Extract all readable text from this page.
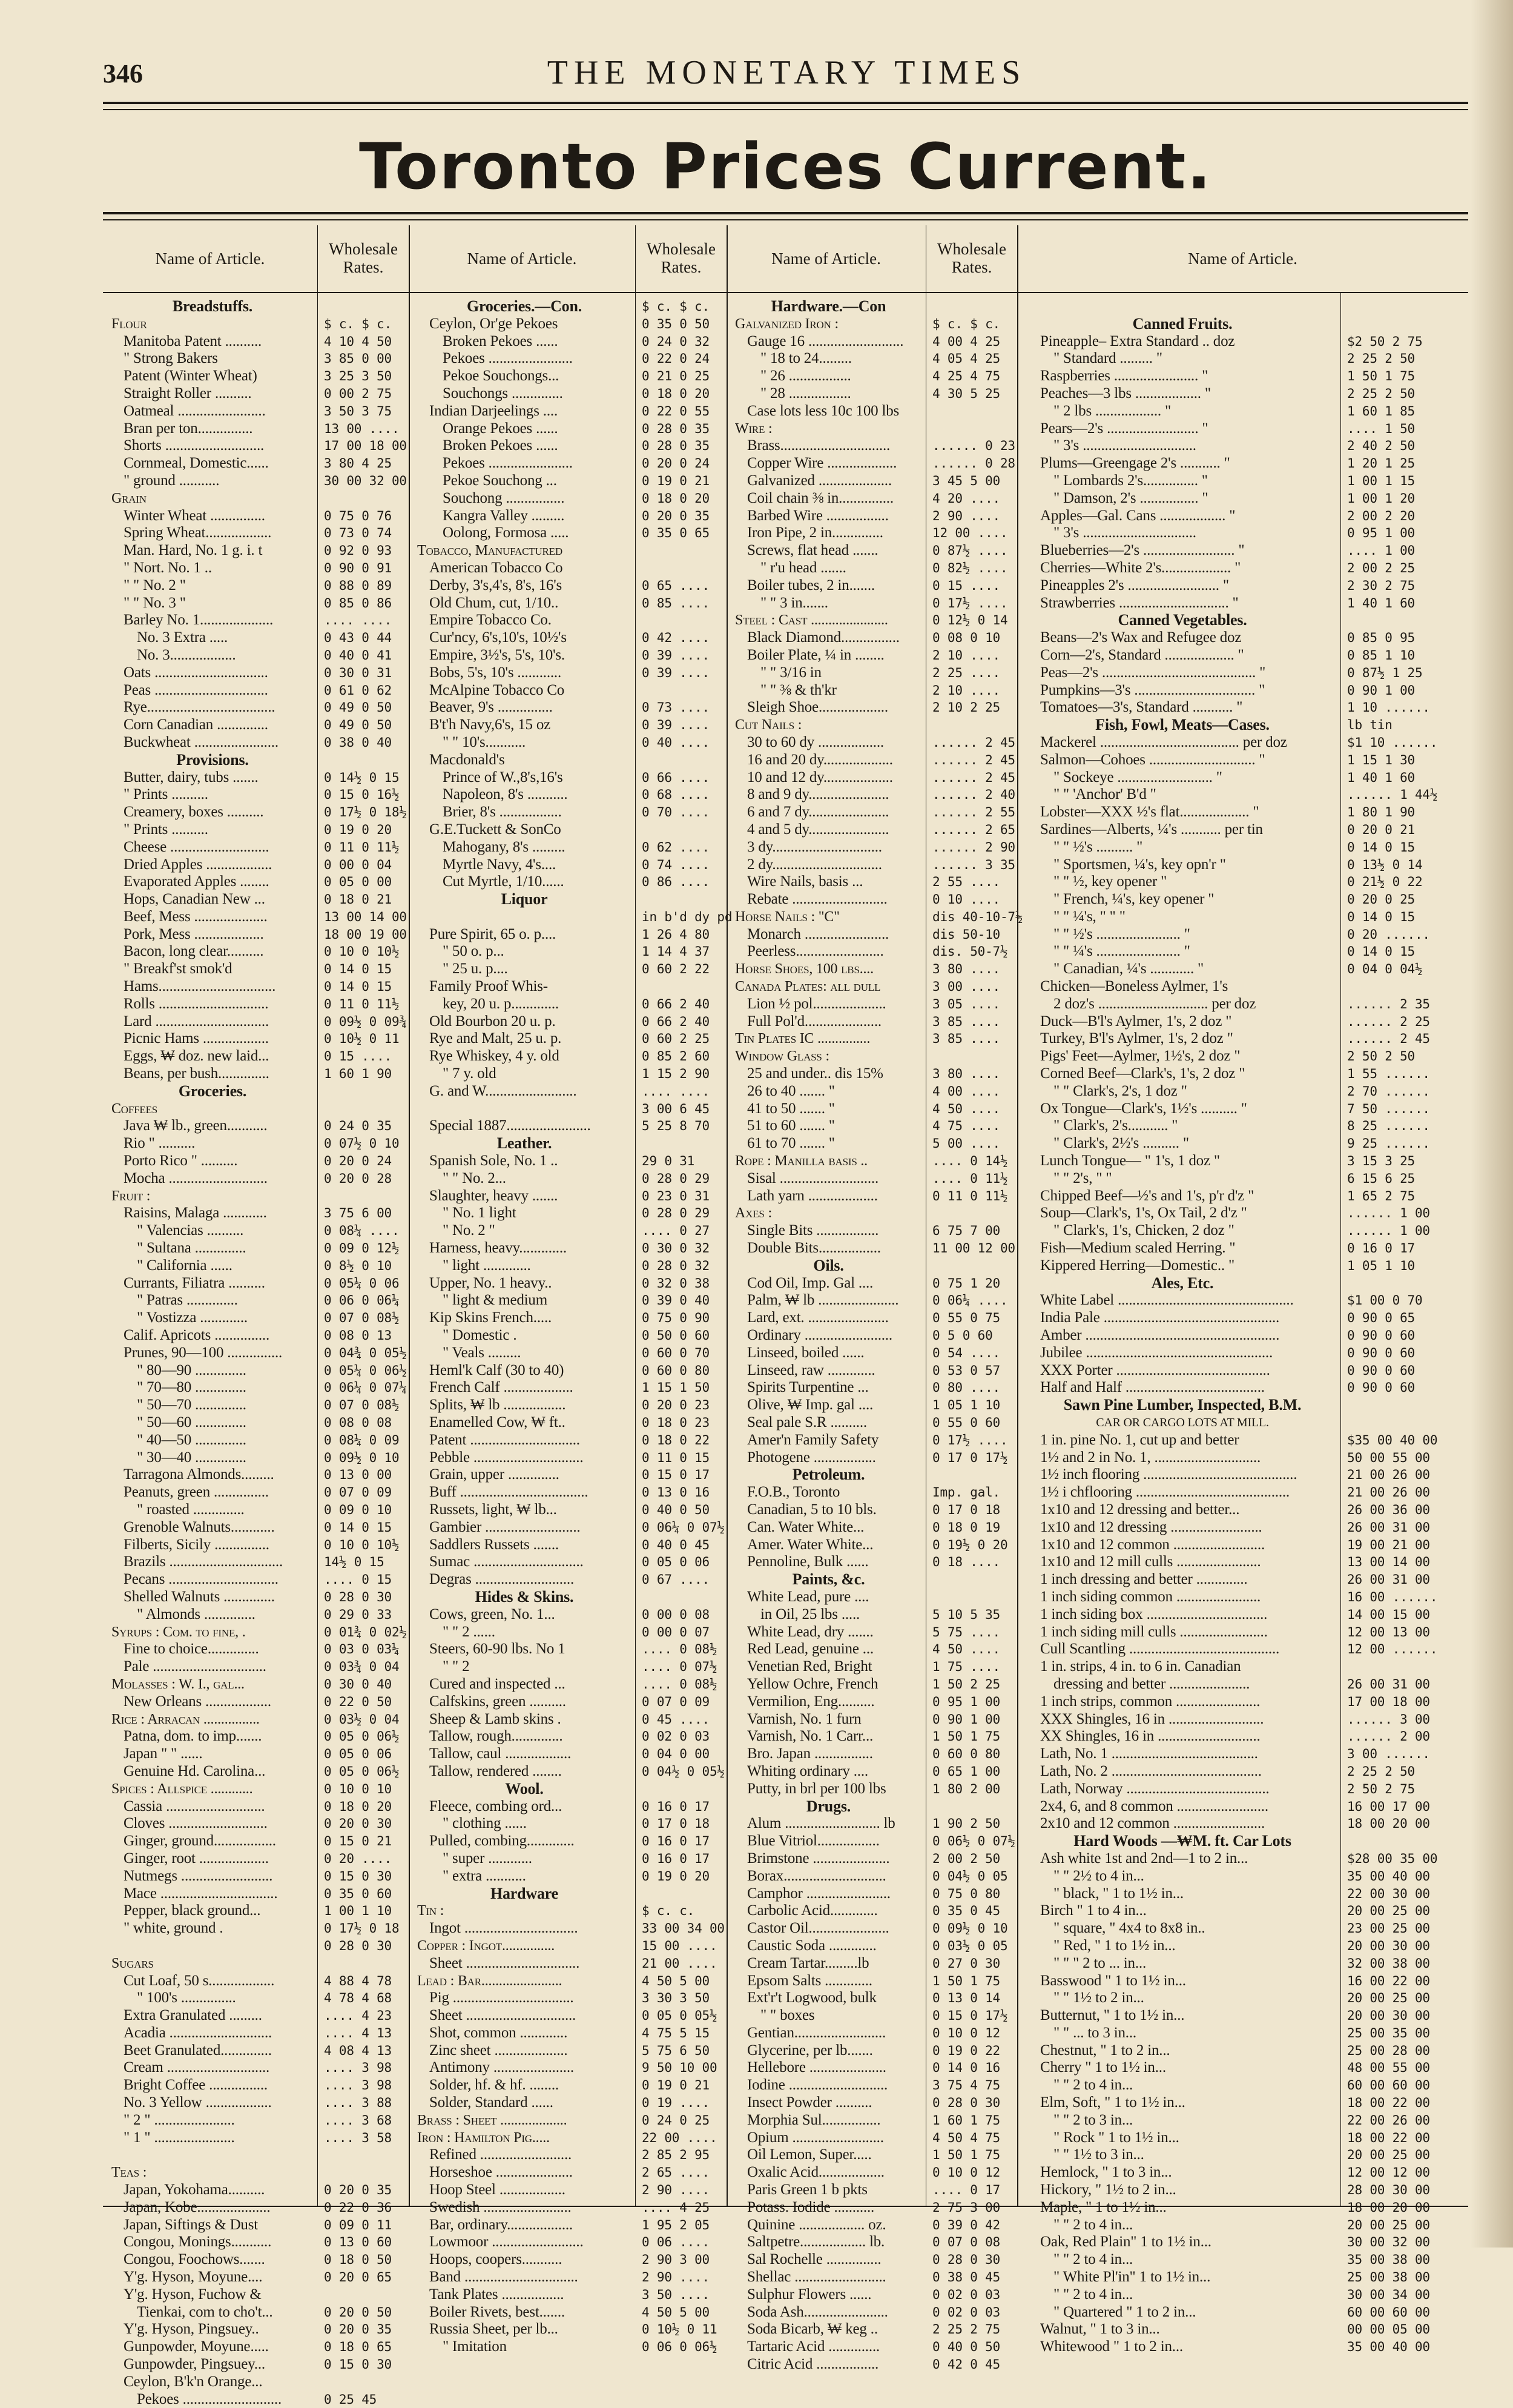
346	THE MONETARY TIMES
Toronto Prices Current.
Name of Article.
Wholesale Rates.
Breadstuffs.
Flour
Manitoba Patent ..........
" Strong Bakers
Patent (Winter Wheat)
Straight Roller ..........
Oatmeal ........................
Bran per ton...............
Shorts ...........................
Cornmeal, Domestic......
" ground ...........
Grain
Winter Wheat ...............
Spring Wheat..................
Man. Hard, No. 1 g. i. t
" Nort. No. 1 ..
" " No. 2 "
" " No. 3 "
Barley No. 1....................
No. 3 Extra .....
No. 3..................
Oats ...............................
Peas ...............................
Rye...................................
Corn Canadian ..............
Buckwheat .......................
Provisions.
Butter, dairy, tubs .......
" Prints ..........
Creamery, boxes ..........
" Prints ..........
Cheese ...........................
Dried Apples ..................
Evaporated Apples ........
Hops, Canadian New ...
Beef, Mess ....................
Pork, Mess ...................
Bacon, long clear..........
" Breakf'st smok'd
Hams................................
Rolls ..............................
Lard ...............................
Picnic Hams ..................
Eggs, ₩ doz. new laid...
Beans, per bush..............
Groceries.
Coffees
Java ₩ lb., green...........
Rio " ..........
Porto Rico " ..........
Mocha ...........................
Fruit :
Raisins, Malaga ............
" Valencias ..........
" Sultana ..............
" California ......
Currants, Filiatra ..........
" Patras ..............
" Vostizza .............
Calif. Apricots ...............
Prunes, 90—100 ...............
" 80—90 ..............
" 70—80 ..............
" 50—70 ..............
" 50—60 ..............
" 40—50 ..............
" 30—40 ..............
Tarragona Almonds.........
Peanuts, green ...............
" roasted ..............
Grenoble Walnuts............
Filberts, Sicily ...............
Brazils ...............................
Pecans ..............................
Shelled Walnuts ..............
" Almonds ..............
Syrups : Com. to fine, .
Fine to choice..............
Pale ...............................
Molasses : W. I., gal...
New Orleans ..................
Rice : Arracan ................
Patna, dom. to imp.......
Japan " " ......
Genuine Hd. Carolina...
Spices : Allspice ............
Cassia ...........................
Cloves ...........................
Ginger, ground.................
Ginger, root ...................
Nutmegs .........................
Mace ................................
Pepper, black ground...
" white, ground .
Sugars
Cut Loaf, 50 s..................
" 100's ...............
Extra Granulated .........
Acadia ............................
Beet Granulated..............
Cream ............................
Bright Coffee ................
No. 3 Yellow ..................
" 2 " ......................
" 1 " ......................
Teas :
Japan, Yokohama..........
Japan, Kobe....................
Japan, Siftings & Dust
Congou, Monings...........
Congou, Foochows.......
Y'g. Hyson, Moyune....
Y'g. Hyson, Fuchow &
Tienkai, com to cho't...
Y'g. Hyson, Pingsuey..
Gunpowder, Moyune.....
Gunpowder, Pingsuey...
Ceylon, B'k'n Orange...
Pekoes ...........................
$ c. $ c.
4 10 4 50
3 85 0 00
3 25 3 50
0 00 2 75
3 50 3 75
13 00 ....
17 00 18 00
3 80 4 25
30 00 32 00
0 75 0 76
0 73 0 74
0 92 0 93
0 90 0 91
0 88 0 89
0 85 0 86
.... ....
0 43 0 44
0 40 0 41
0 30 0 31
0 61 0 62
0 49 0 50
0 49 0 50
0 38 0 40
0 14½ 0 15
0 15 0 16½
0 17½ 0 18½
0 19 0 20
0 11 0 11½
0 00 0 04
0 05 0 00
0 18 0 21
13 00 14 00
18 00 19 00
0 10 0 10½
0 14 0 15
0 14 0 15
0 11 0 11½
0 09½ 0 09¾
0 10½ 0 11
0 15 ....
1 60 1 90
0 24 0 35
0 07½ 0 10
0 20 0 24
0 20 0 28
3 75 6 00
0 08¼ ....
0 09 0 12½
0 8½ 0 10
0 05¼ 0 06
0 06 0 06¼
0 07 0 08½
0 08 0 13
0 04¾ 0 05½
0 05¼ 0 06½
0 06¼ 0 07¼
0 07 0 08½
0 08 0 08
0 08¼ 0 09
0 09½ 0 10
0 13 0 00
0 07 0 09
0 09 0 10
0 14 0 15
0 10 0 10½
14½ 0 15
.... 0 15
0 28 0 30
0 29 0 33
0 01¾ 0 02½
0 03 0 03¼
0 03¾ 0 04
0 30 0 40
0 22 0 50
0 03½ 0 04
0 05 0 06½
0 05 0 06
0 05 0 06½
0 10 0 10
0 18 0 20
0 20 0 30
0 15 0 21
0 20 ....
0 15 0 30
0 35 0 60
1 00 1 10
0 17½ 0 18
0 28 0 30
4 88 4 78
4 78 4 68
.... 4 23
.... 4 13
4 08 4 13
.... 3 98
.... 3 98
.... 3 88
.... 3 68
.... 3 58
0 20 0 35
0 22 0 36
0 09 0 11
0 13 0 60
0 18 0 50
0 20 0 65
0 20 0 50
0 20 0 35
0 18 0 65
0 15 0 30
0 25 45
Name of Article.
Wholesale Rates.
Groceries.—Con.
Ceylon, Or'ge Pekoes
Broken Pekoes ......
Pekoes .......................
Pekoe Souchongs...
Souchongs ..............
Indian Darjeelings ....
Orange Pekoes ......
Broken Pekoes ......
Pekoes .......................
Pekoe Souchong ...
Souchong ................
Kangra Valley .........
Oolong, Formosa .....
Tobacco, Manufactured
American Tobacco Co
Derby, 3's,4's, 8's, 16's
Old Chum, cut, 1/10..
Empire Tobacco Co.
Cur'ncy, 6's,10's, 10½'s
Empire, 3½'s, 5's, 10's.
Bobs, 5's, 10's ............
McAlpine Tobacco Co
Beaver, 9's ...............
B't'h Navy,6's, 15 oz
" " 10's...........
Macdonald's
Prince of W.,8's,16's
Napoleon, 8's ...........
Brier, 8's .................
G.E.Tuckett & SonCo
Mahogany, 8's .........
Myrtle Navy, 4's....
Cut Myrtle, 1/10......
Liquor
Pure Spirit, 65 o. p....
" 50 o. p...
" 25 u. p....
Family Proof Whis-
key, 20 u. p.............
Old Bourbon 20 u. p.
Rye and Malt, 25 u. p.
Rye Whiskey, 4 y. old
" 7 y. old
G. and W.........................
Special 1887.......................
Leather.
Spanish Sole, No. 1 ..
" " No. 2...
Slaughter, heavy .......
" No. 1 light
" No. 2 "
Harness, heavy.............
" light .............
Upper, No. 1 heavy..
" light & medium
Kip Skins French.....
" Domestic .
" Veals .........
Heml'k Calf (30 to 40)
French Calf ...................
Splits, ₩ lb .................
Enamelled Cow, ₩ ft..
Patent ..............................
Pebble ..............................
Grain, upper ..............
Buff ...................................
Russets, light, ₩ lb...
Gambier ..........................
Saddlers Russets .......
Sumac ..............................
Degras ...........................
Hides & Skins.
Cows, green, No. 1...
" " 2 ......
Steers, 60-90 lbs. No 1
" " 2
Cured and inspected ...
Calfskins, green ..........
Sheep & Lamb skins .
Tallow, rough..............
Tallow, caul ..................
Tallow, rendered ........
Wool.
Fleece, combing ord...
" clothing ......
Pulled, combing.............
" super ............
" extra ...........
Hardware
Tin :
Ingot ...............................
Copper : Ingot...............
Sheet ...............................
Lead : Bar.......................
Pig .................................
Sheet ..............................
Shot, common .............
Zinc sheet ....................
Antimony ......................
Solder, hf. & hf. ........
Solder, Standard ......
Brass : Sheet ...................
Iron : Hamilton Pig.....
Refined .........................
Horseshoe .....................
Hoop Steel ..................
Swedish ........................
Bar, ordinary..................
Lowmoor .........................
Hoops, coopers...........
Band ...............................
Tank Plates .................
Boiler Rivets, best.......
Russia Sheet, per lb...
" Imitation
$ c. $ c.
0 35 0 50
0 24 0 32
0 22 0 24
0 21 0 25
0 18 0 20
0 22 0 55
0 28 0 35
0 28 0 35
0 20 0 24
0 19 0 21
0 18 0 20
0 20 0 35
0 35 0 65
0 65 ....
0 85 ....
0 42 ....
0 39 ....
0 39 ....
0 73 ....
0 39 ....
0 40 ....
0 66 ....
0 68 ....
0 70 ....
0 62 ....
0 74 ....
0 86 ....
in b'd dy pd
1 26 4 80
1 14 4 37
0 60 2 22
0 66 2 40
0 66 2 40
0 60 2 25
0 85 2 60
1 15 2 90
.... ....
3 00 6 45
5 25 8 70
29 0 31
0 28 0 29
0 23 0 31
0 28 0 29
.... 0 27
0 30 0 32
0 28 0 32
0 32 0 38
0 39 0 40
0 75 0 90
0 50 0 60
0 60 0 70
0 60 0 80
1 15 1 50
0 20 0 23
0 18 0 23
0 18 0 22
0 11 0 15
0 15 0 17
0 13 0 16
0 40 0 50
0 06¼ 0 07½
0 40 0 45
0 05 0 06
0 67 ....
0 00 0 08
0 00 0 07
.... 0 08½
.... 0 07½
.... 0 08½
0 07 0 09
0 45 ....
0 02 0 03
0 04 0 00
0 04½ 0 05½
0 16 0 17
0 17 0 18
0 16 0 17
0 16 0 17
0 19 0 20
$ c. c.
33 00 34 00
15 00 ....
21 00 ....
4 50 5 00
3 30 3 50
0 05 0 05½
4 75 5 15
5 75 6 50
9 50 10 00
0 19 0 21
0 19 ....
0 24 0 25
22 00 ....
2 85 2 95
2 65 ....
2 90 ....
.... 4 25
1 95 2 05
0 06 ....
2 90 3 00
2 90 ....
3 50 ....
4 50 5 00
0 10½ 0 11
0 06 0 06½
Name of Article.
Wholesale Rates.
Hardware.—Con
Galvanized Iron :
Gauge 16 ..........................
" 18 to 24.........
" 26 .................
" 28 .................
Case lots less 10c 100 lbs
Wire :
Brass..............................
Copper Wire ...................
Galvanized ....................
Coil chain ⅜ in...............
Barbed Wire .................
Iron Pipe, 2 in..............
Screws, flat head .......
" r'u head .......
Boiler tubes, 2 in.......
" " 3 in.......
Steel : Cast ......................
Black Diamond................
Boiler Plate, ¼ in ........
" " 3/16 in
" " ⅜ & th'kr
Sleigh Shoe...................
Cut Nails :
30 to 60 dy ..................
16 and 20 dy...................
10 and 12 dy...................
8 and 9 dy......................
6 and 7 dy......................
4 and 5 dy......................
3 dy..............................
2 dy..............................
Wire Nails, basis ...
Rebate ..........................
Horse Nails : "C"
Monarch .......................
Peerless........................
Horse Shoes, 100 lbs....
Canada Plates: all dull
Lion ½ pol....................
Full Pol'd.....................
Tin Plates IC ...............
Window Glass :
25 and under.. dis 15%
26 to 40 ....... "
41 to 50 ....... "
51 to 60 ....... "
61 to 70 ....... "
Rope : Manilla basis ..
Sisal ...........................
Lath yarn ...................
Axes :
Single Bits .................
Double Bits.................
Oils.
Cod Oil, Imp. Gal ....
Palm, ₩ lb ......................
Lard, ext. ......................
Ordinary ........................
Linseed, boiled ......
Linseed, raw .............
Spirits Turpentine ...
Olive, ₩ Imp. gal ....
Seal pale S.R ..........
Amer'n Family Safety
Photogene .................
Petroleum.
F.O.B., Toronto
Canadian, 5 to 10 bls.
Can. Water White...
Amer. Water White...
Pennoline, Bulk ......
Paints, &c.
White Lead, pure ....
in Oil, 25 lbs .....
White Lead, dry .......
Red Lead, genuine ...
Venetian Red, Bright
Yellow Ochre, French
Vermilion, Eng..........
Varnish, No. 1 furn
Varnish, No. 1 Carr...
Bro. Japan ................
Whiting ordinary ....
Putty, in brl per 100 lbs
Drugs.
Alum .......................... lb
Blue Vitriol.................
Brimstone .....................
Borax............................
Camphor .......................
Carbolic Acid.............
Castor Oil......................
Caustic Soda .............
Cream Tartar.........lb
Epsom Salts .............
Ext'r't Logwood, bulk
" " boxes
Gentian.........................
Glycerine, per lb.......
Hellebore .....................
Iodine ...........................
Insect Powder ..........
Morphia Sul................
Opium .........................
Oil Lemon, Super.....
Oxalic Acid..................
Paris Green 1 b pkts
Potass. Iodide ...........
Quinine .................. oz.
Saltpetre.................. lb.
Sal Rochelle ...............
Shellac .........................
Sulphur Flowers ......
Soda Ash.......................
Soda Bicarb, ₩ keg ..
Tartaric Acid ..............
Citric Acid .................
$ c. $ c.
4 00 4 25
4 05 4 25
4 25 4 75
4 30 5 25
...... 0 23
...... 0 28
3 45 5 00
4 20 ....
2 90 ....
12 00 ....
0 87½ ....
0 82½ ....
0 15 ....
0 17½ ....
0 12½ 0 14
0 08 0 10
2 10 ....
2 25 ....
2 10 ....
2 10 2 25
...... 2 45
...... 2 45
...... 2 45
...... 2 40
...... 2 55
...... 2 65
...... 2 90
...... 3 35
2 55 ....
0 10 ....
dis 40-10-7½
dis 50-10
dis. 50-7½
3 80 ....
3 00 ....
3 05 ....
3 85 ....
3 85 ....
3 80 ....
4 00 ....
4 50 ....
4 75 ....
5 00 ....
.... 0 14½
.... 0 11½
0 11 0 11½
6 75 7 00
11 00 12 00
0 75 1 20
0 06¼ ....
0 55 0 75
0 5 0 60
0 54 ....
0 53 0 57
0 80 ....
1 05 1 10
0 55 0 60
0 17½ ....
0 17 0 17½
Imp. gal.
0 17 0 18
0 18 0 19
0 19½ 0 20
0 18 ....
5 10 5 35
5 75 ....
4 50 ....
1 75 ....
1 50 2 25
0 95 1 00
0 90 1 00
1 50 1 75
0 60 0 80
0 65 1 00
1 80 2 00
1 90 2 50
0 06½ 0 07½
2 00 2 50
0 04½ 0 05
0 75 0 80
0 35 0 45
0 09½ 0 10
0 03½ 0 05
0 27 0 30
1 50 1 75
0 13 0 14
0 15 0 17½
0 10 0 12
0 19 0 22
0 14 0 16
3 75 4 75
0 28 0 30
1 60 1 75
4 50 4 75
1 50 1 75
0 10 0 12
.... 0 17
2 75 3 00
0 39 0 42
0 07 0 08
0 28 0 30
0 38 0 45
0 02 0 03
0 02 0 03
2 25 2 75
0 40 0 50
0 42 0 45
Name of Article.
Canned Fruits.
Pineapple– Extra Standard .. doz
" Standard ......... "
Raspberries ....................... "
Peaches—3 lbs .................. "
" 2 lbs .................. "
Pears—2's ......................... "
" 3's ...............................
Plums—Greengage 2's ........... "
" Lombards 2's............... "
" Damson, 2's ................ "
Apples—Gal. Cans .................. "
" 3's ...............................
Blueberries—2's ......................... "
Cherries—White 2's................... "
Pineapples 2's ......................... "
Strawberries .............................. "
Canned Vegetables.
Beans—2's Wax and Refugee doz
Corn—2's, Standard ................... "
Peas—2's .......................................... "
Pumpkins—3's ................................. "
Tomatoes—3's, Standard ........... "
Fish, Fowl, Meats—Cases.
Mackerel ...................................... per doz
Salmon—Cohoes ............................. "
" Sockeye .......................... "
" " 'Anchor' B'd "
Lobster—XXX ½'s flat................... "
Sardines—Alberts, ¼'s ........... per tin
" " ½'s .......... "
" Sportsmen, ¼'s, key opn'r "
" " ½, key opener "
" French, ¼'s, key opener "
" " ¼'s, " " "
" " ½'s ....................... "
" " ¼'s ....................... "
" Canadian, ¼'s ............ "
Chicken—Boneless Aylmer, 1's
2 doz's .............................. per doz
Duck—B'l's Aylmer, 1's, 2 doz "
Turkey, B'l's Aylmer, 1's, 2 doz "
Pigs' Feet—Aylmer, 1½'s, 2 doz "
Corned Beef—Clark's, 1's, 2 doz "
" " Clark's, 2's, 1 doz "
Ox Tongue—Clark's, 1½'s .......... "
" Clark's, 2's........... "
" Clark's, 2½'s .......... "
Lunch Tongue— " 1's, 1 doz "
" " 2's, " "
Chipped Beef—½'s and 1's, p'r d'z "
Soup—Clark's, 1's, Ox Tail, 2 d'z "
" Clark's, 1's, Chicken, 2 doz "
Fish—Medium scaled Herring. "
Kippered Herring—Domestic.. "
Ales, Etc.
White Label ................................................
India Pale ................................................
Amber .....................................................
Jubilee ...................................................
XXX Porter ..........................................
Half and Half ......................................
Sawn Pine Lumber, Inspected, B.M.
CAR OR CARGO LOTS AT MILL.
1 in. pine No. 1, cut up and better
1½ and 2 in No. 1, .............................
1½ inch flooring ..........................................
1½ i chflooring ..........................................
1x10 and 12 dressing and better...
1x10 and 12 dressing .........................
1x10 and 12 common .........................
1x10 and 12 mill culls .......................
1 inch dressing and better ..............
1 inch siding common .......................
1 inch siding box .................................
1 inch siding mill culls ........................
Cull Scantling .........................................
1 in. strips, 4 in. to 6 in. Canadian
dressing and better ......................
1 inch strips, common .......................
XXX Shingles, 16 in ..........................
XX Shingles, 16 in ............................
Lath, No. 1 ........................................
Lath, No. 2 .........................................
Lath, Norway .......................................
2x4, 6, and 8 common .........................
2x10 and 12 common .........................
Hard Woods —₩M. ft. Car Lots
Ash white 1st and 2nd—1 to 2 in...
" " 2½ to 4 in...
" black, " 1 to 1½ in...
Birch " 1 to 4 in...
" square, " 4x4 to 8x8 in..
" Red, " 1 to 1½ in...
" " " 2 to ... in...
Basswood " 1 to 1½ in...
" " 1½ to 2 in...
Butternut, " 1 to 1½ in...
" " ... to 3 in...
Chestnut, " 1 to 2 in...
Cherry " 1 to 1½ in...
" " 2 to 4 in...
Elm, Soft, " 1 to 1½ in...
" " 2 to 3 in...
" Rock " 1 to 1½ in...
" " 1½ to 3 in...
Hemlock, " 1 to 3 in...
Hickory, " 1½ to 2 in...
Maple, " 1 to 1½ in...
" " 2 to 4 in...
Oak, Red Plain" 1 to 1½ in...
" " 2 to 4 in...
" White Pl'in" 1 to 1½ in...
" " 2 to 4 in...
" Quartered " 1 to 2 in...
Walnut, " 1 to 3 in...
Whitewood " 1 to 2 in...
$2 50 2 75
2 25 2 50
1 50 1 75
2 25 2 50
1 60 1 85
.... 1 50
2 40 2 50
1 20 1 25
1 00 1 15
1 00 1 20
2 00 2 20
0 95 1 00
.... 1 00
2 00 2 25
2 30 2 75
1 40 1 60
0 85 0 95
0 85 1 10
0 87½ 1 25
0 90 1 00
1 10 ......
lb tin
$1 10 ......
1 15 1 30
1 40 1 60
...... 1 44½
1 80 1 90
0 20 0 21
0 14 0 15
0 13½ 0 14
0 21½ 0 22
0 20 0 25
0 14 0 15
0 20 ......
0 14 0 15
0 04 0 04½
...... 2 35
...... 2 25
...... 2 45
2 50 2 50
1 55 ......
2 70 ......
7 50 ......
8 25 ......
9 25 ......
3 15 3 25
6 15 6 25
1 65 2 75
...... 1 00
...... 1 00
0 16 0 17
1 05 1 10
$1 00 0 70
0 90 0 65
0 90 0 60
0 90 0 60
0 90 0 60
0 90 0 60
$35 00 40 00
50 00 55 00
21 00 26 00
21 00 26 00
26 00 36 00
26 00 31 00
19 00 21 00
13 00 14 00
26 00 31 00
16 00 ......
14 00 15 00
12 00 13 00
12 00 ......
26 00 31 00
17 00 18 00
...... 3 00
...... 2 00
3 00 ......
2 25 2 50
2 50 2 75
16 00 17 00
18 00 20 00
$28 00 35 00
35 00 40 00
22 00 30 00
20 00 25 00
23 00 25 00
20 00 30 00
32 00 38 00
16 00 22 00
20 00 25 00
20 00 30 00
25 00 35 00
25 00 28 00
48 00 55 00
60 00 60 00
18 00 22 00
22 00 26 00
18 00 22 00
20 00 25 00
12 00 12 00
28 00 30 00
18 00 20 00
20 00 25 00
30 00 32 00
35 00 38 00
25 00 38 00
30 00 34 00
60 00 60 00
00 00 05 00
35 00 40 00
